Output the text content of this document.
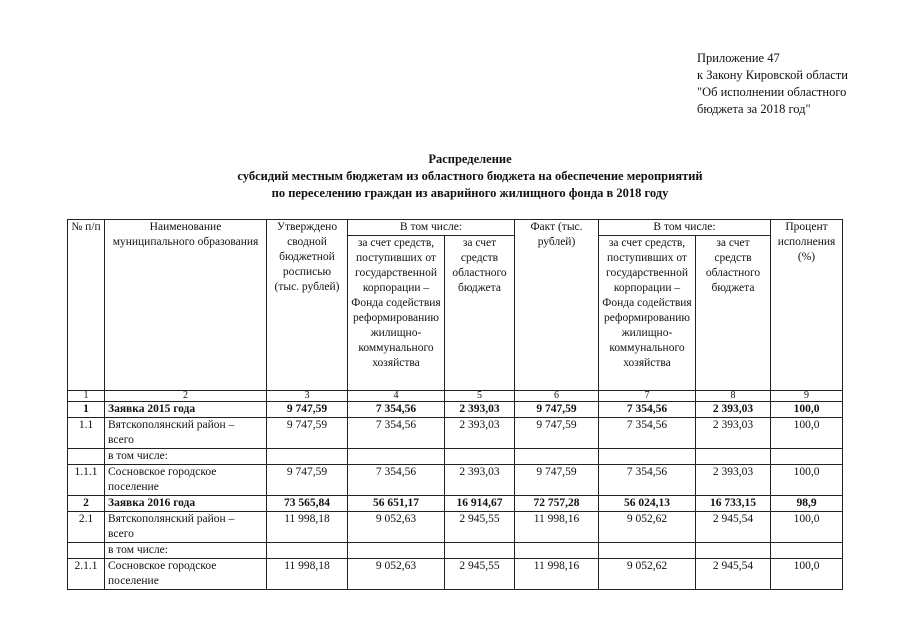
Приложение 47
к Закону Кировской области
"Об исполнении областного
бюджета за 2018 год"
Распределение
субсидий местным бюджетам из областного бюджета на обеспечение мероприятий
по переселению граждан из аварийного жилищного фонда в 2018 году
№ п/п	Наименование муниципального образования	Утверждено сводной бюджетной росписью (тыс. рублей)	В том числе:		Факт (тыс. рублей)	В том числе:		Процент исполнения (%)
			за счет средств, поступивших от государственной корпорации – Фонда содействия реформированию жилищно-коммунального хозяйства	за счет средств областного бюджета		за счет средств, поступивших от государственной корпорации – Фонда содействия реформированию жилищно-коммунального хозяйства	за счет средств областного бюджета	
1	2	3	4	5	6	7	8	9
1	Заявка 2015 года	9 747,59	7 354,56	2 393,03	9 747,59	7 354,56	2 393,03	100,0
1.1	Вятскополянский район – всего	9 747,59	7 354,56	2 393,03	9 747,59	7 354,56	2 393,03	100,0
	в том числе:							
1.1.1	Сосновское городское поселение	9 747,59	7 354,56	2 393,03	9 747,59	7 354,56	2 393,03	100,0
2	Заявка 2016 года	73 565,84	56 651,17	16 914,67	72 757,28	56 024,13	16 733,15	98,9
2.1	Вятскополянский район – всего	11 998,18	9 052,63	2 945,55	11 998,16	9 052,62	2 945,54	100,0
	в том числе:							
2.1.1	Сосновское городское поселение	11 998,18	9 052,63	2 945,55	11 998,16	9 052,62	2 945,54	100,0
